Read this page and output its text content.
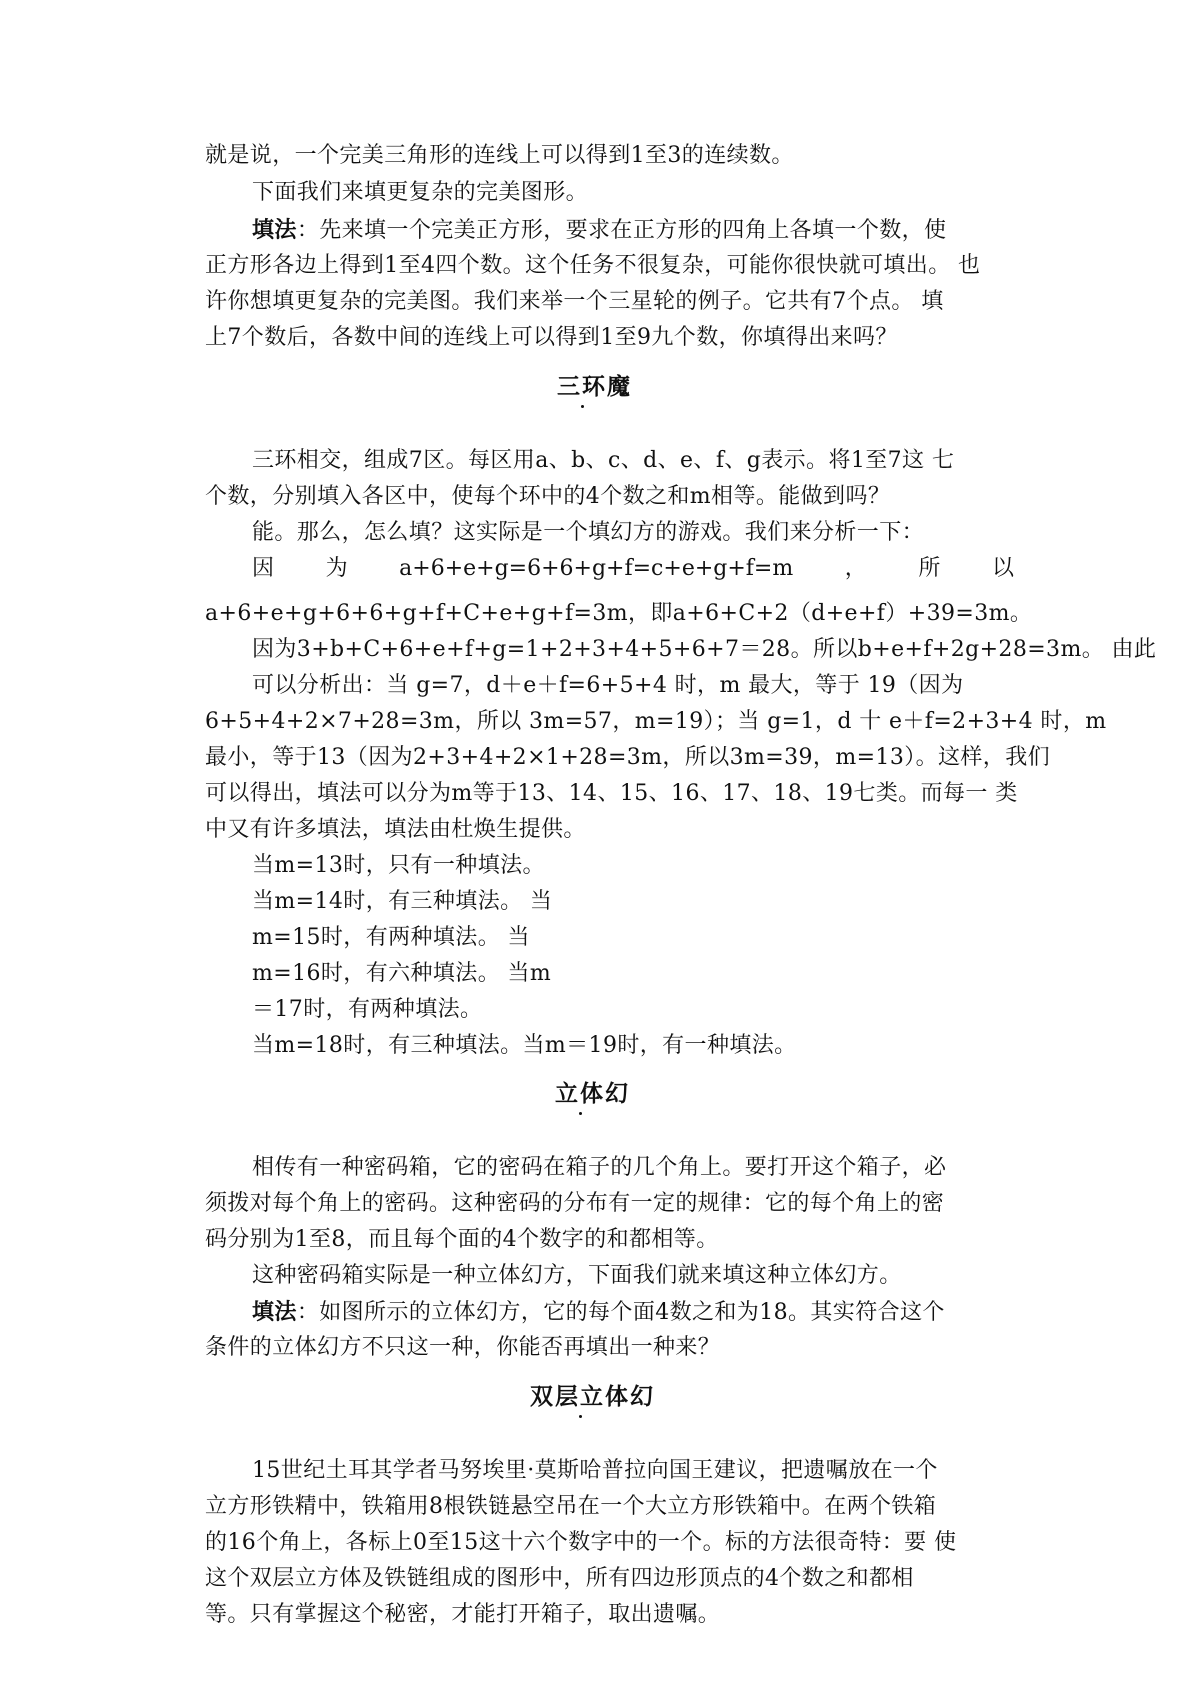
就是说，一个完美三角形的连线上可以得到1至3的连续数。
下面我们来填更复杂的完美图形。
填法：先来填一个完美正方形，要求在正方形的四角上各填一个数，使
正方形各边上得到1至4四个数。这个任务不很复杂，可能你很快就可填出。 也
许你想填更复杂的完美图。我们来举一个三星轮的例子。它共有7个点。 填
上7个数后，各数中间的连线上可以得到1至9九个数，你填得出来吗？
三环魔
三环相交，组成7区。每区用a、b、c、d、e、f、g表示。将1至7这 七
个数，分别填入各区中，使每个环中的4个数之和m相等。能做到吗？
能。那么，怎么填？这实际是一个填幻方的游戏。我们来分析一下：
因 为 a+6+e+g=6+6+g+f=c+e+g+f=m ， 所 以
a+6+e+g+6+6+g+f+C+e+g+f=3m，即a+6+C+2（d+e+f）+39=3m。
因为3+b+C+6+e+f+g=1+2+3+4+5+6+7＝28。所以b+e+f+2g+28=3m。 由此
可以分析出：当 g=7，d＋e＋f=6+5+4 时，m 最大，等于 19（因为
6+5+4+2×7+28=3m，所以 3m=57，m=19）；当 g=1，d 十 e＋f=2+3+4 时，m
最小，等于13（因为2+3+4+2×1+28=3m，所以3m=39，m=13）。这样，我们
可以得出，填法可以分为m等于13、14、15、16、17、18、19七类。而每一 类
中又有许多填法，填法由杜焕生提供。
当m=13时，只有一种填法。
当m=14时，有三种填法。 当
m=15时，有两种填法。 当
m=16时，有六种填法。 当m
＝17时，有两种填法。
当m=18时，有三种填法。当m＝19时，有一种填法。
立体幻
相传有一种密码箱，它的密码在箱子的几个角上。要打开这个箱子，必
须拨对每个角上的密码。这种密码的分布有一定的规律：它的每个角上的密
码分别为1至8，而且每个面的4个数字的和都相等。
这种密码箱实际是一种立体幻方，下面我们就来填这种立体幻方。
填法：如图所示的立体幻方，它的每个面4数之和为18。其实符合这个
条件的立体幻方不只这一种，你能否再填出一种来？
双层立体幻
15世纪土耳其学者马努埃里·莫斯哈普拉向国王建议，把遗嘱放在一个
立方形铁精中，铁箱用8根铁链悬空吊在一个大立方形铁箱中。在两个铁箱
的16个角上，各标上0至15这十六个数字中的一个。标的方法很奇特：要 使
这个双层立方体及铁链组成的图形中，所有四边形顶点的4个数之和都相
等。只有掌握这个秘密，才能打开箱子，取出遗嘱。
